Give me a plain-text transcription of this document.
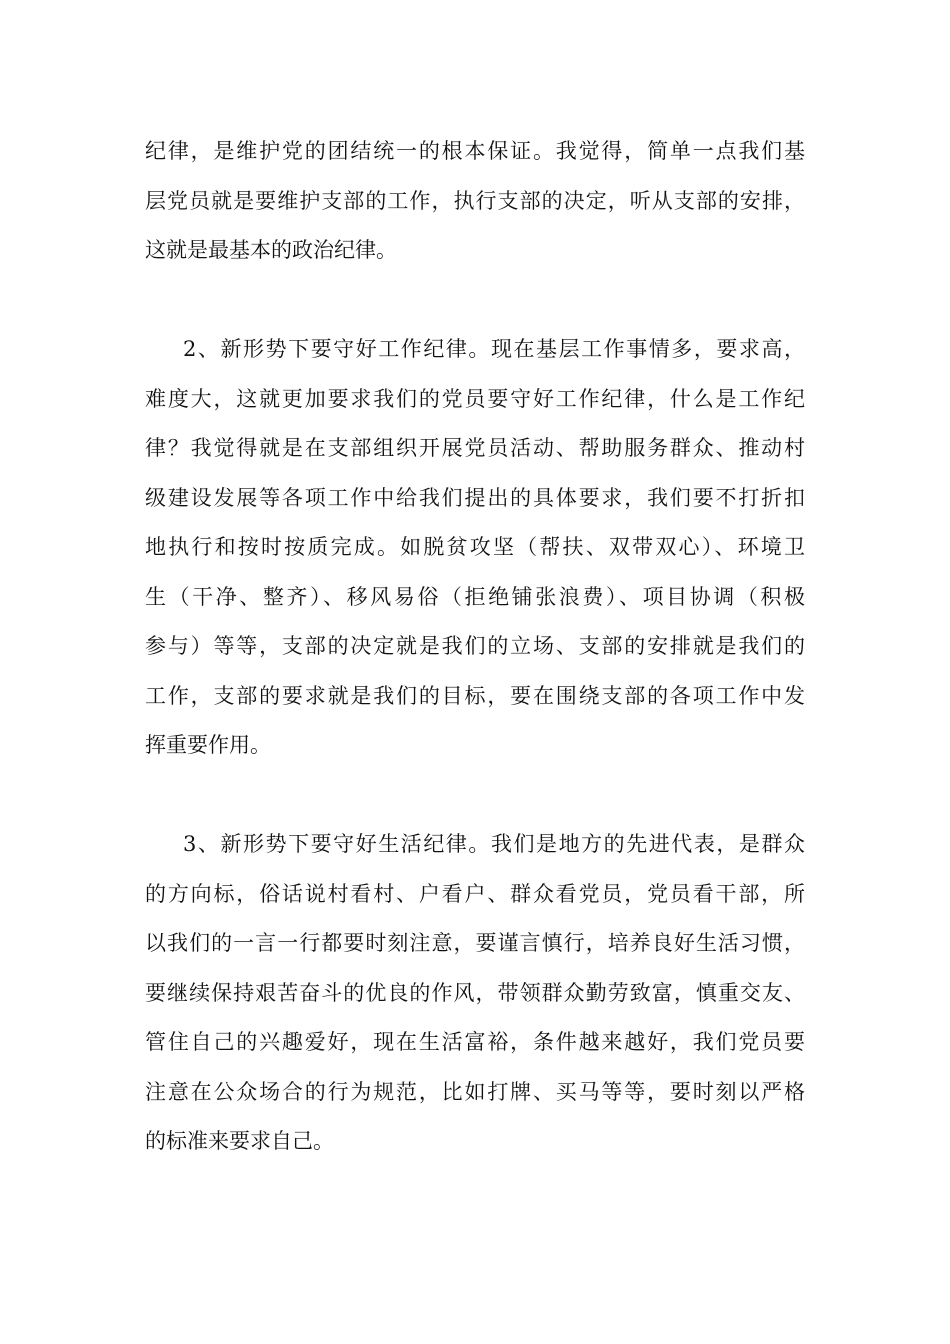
纪律，是维护党的团结统一的根本保证。我觉得，简单一点我们基
层党员就是要维护支部的工作，执行支部的决定，听从支部的安排，
这就是最基本的政治纪律。

2、新形势下要守好工作纪律。现在基层工作事情多，要求高，
难度大，这就更加要求我们的党员要守好工作纪律，什么是工作纪
律？我觉得就是在支部组织开展党员活动、帮助服务群众、推动村
级建设发展等各项工作中给我们提出的具体要求，我们要不打折扣
地执行和按时按质完成。如脱贫攻坚（帮扶、双带双心）、环境卫
生（干净、整齐）、移风易俗（拒绝铺张浪费）、项目协调（积极
参与）等等，支部的决定就是我们的立场、支部的安排就是我们的
工作，支部的要求就是我们的目标，要在围绕支部的各项工作中发
挥重要作用。

3、新形势下要守好生活纪律。我们是地方的先进代表，是群众
的方向标，俗话说村看村、户看户、群众看党员，党员看干部，所
以我们的一言一行都要时刻注意，要谨言慎行，培养良好生活习惯，
要继续保持艰苦奋斗的优良的作风，带领群众勤劳致富，慎重交友、
管住自己的兴趣爱好，现在生活富裕，条件越来越好，我们党员要
注意在公众场合的行为规范，比如打牌、买马等等，要时刻以严格
的标准来要求自己。
